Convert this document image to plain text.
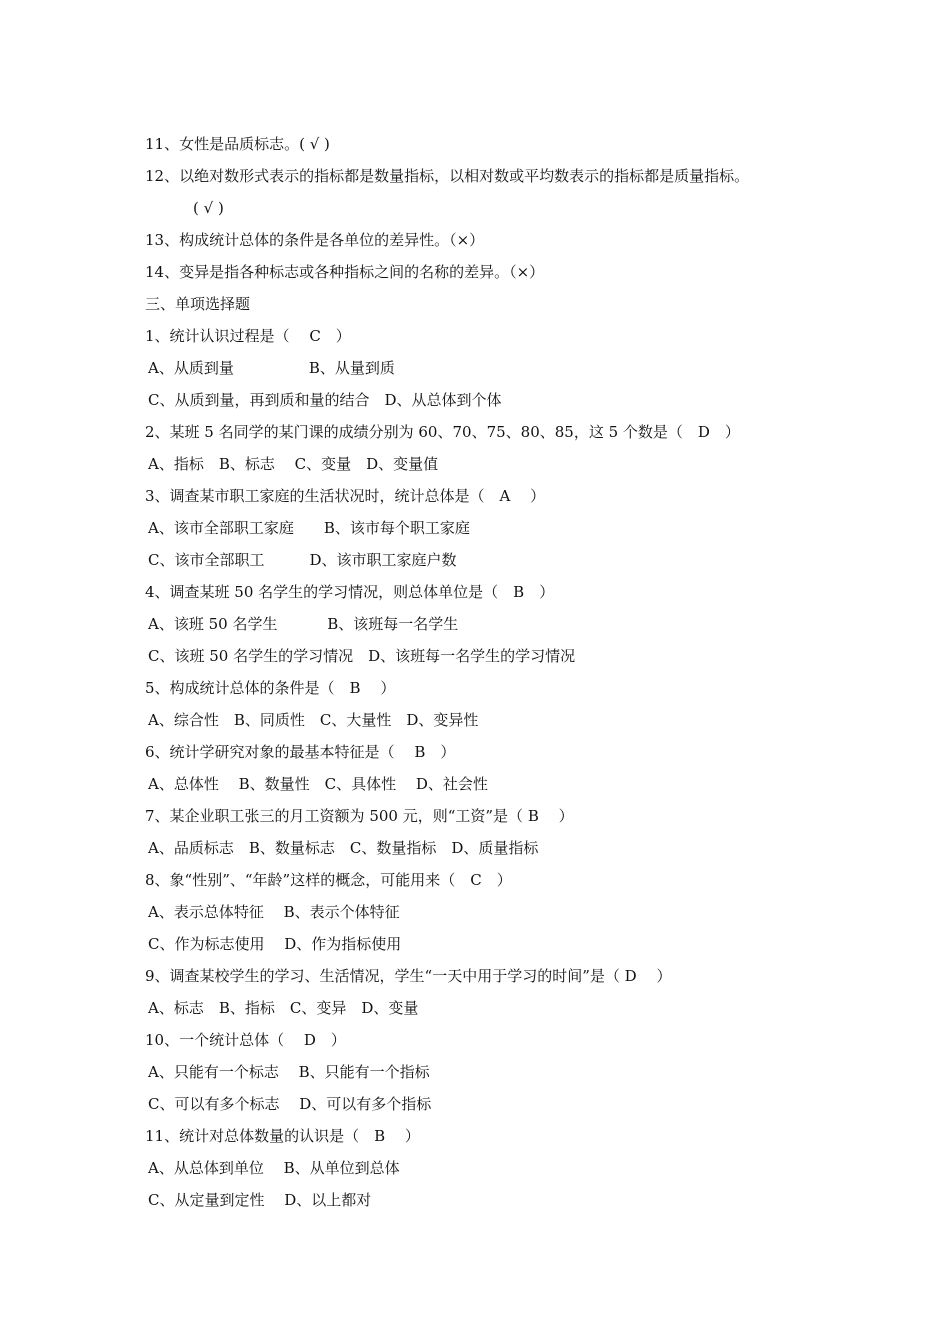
11、女性是品质标志。( √ )
12、以绝对数形式表示的指标都是数量指标，以相对数或平均数表示的指标都是质量指标。
( √ )
13、构成统计总体的条件是各单位的差异性。（×）
14、变异是指各种标志或各种指标之间的名称的差异。（×）
三、单项选择题
1、统计认识过程是（　 C　）
A、从质到量　　　　　B、从量到质
C、从质到量，再到质和量的结合　D、从总体到个体
2、某班 5 名同学的某门课的成绩分别为 60、70、75、80、85，这 5 个数是（　D　）
A、指标　B、标志　 C、变量　D、变量值
3、调查某市职工家庭的生活状况时，统计总体是（　A　 ）
A、该市全部职工家庭　　B、该市每个职工家庭
C、该市全部职工　　　D、该市职工家庭户数
4、调查某班 50 名学生的学习情况，则总体单位是（　B　）
A、该班 50 名学生　　　 B、该班每一名学生
C、该班 50 名学生的学习情况　D、该班每一名学生的学习情况
5、构成统计总体的条件是（　B　 ）
A、综合性　B、同质性　C、大量性　D、变异性
6、统计学研究对象的最基本特征是（　 B　）
A、总体性　 B、数量性　C、具体性　 D、社会性
7、某企业职工张三的月工资额为 500 元，则“工资”是（ B　 ）
A、品质标志　B、数量标志　C、数量指标　D、质量指标
8、象“性别”、“年龄”这样的概念，可能用来（　C　）
A、表示总体特征　 B、表示个体特征
C、作为标志使用　 D、作为指标使用
9、调查某校学生的学习、生活情况，学生“一天中用于学习的时间”是（ D　 ）
A、标志　B、指标　C、变异　D、变量
10、一个统计总体（　 D　）
A、只能有一个标志　 B、只能有一个指标
C、可以有多个标志　 D、可以有多个指标
11、统计对总体数量的认识是（　B　 ）
A、从总体到单位　 B、从单位到总体
C、从定量到定性　 D、以上都对
